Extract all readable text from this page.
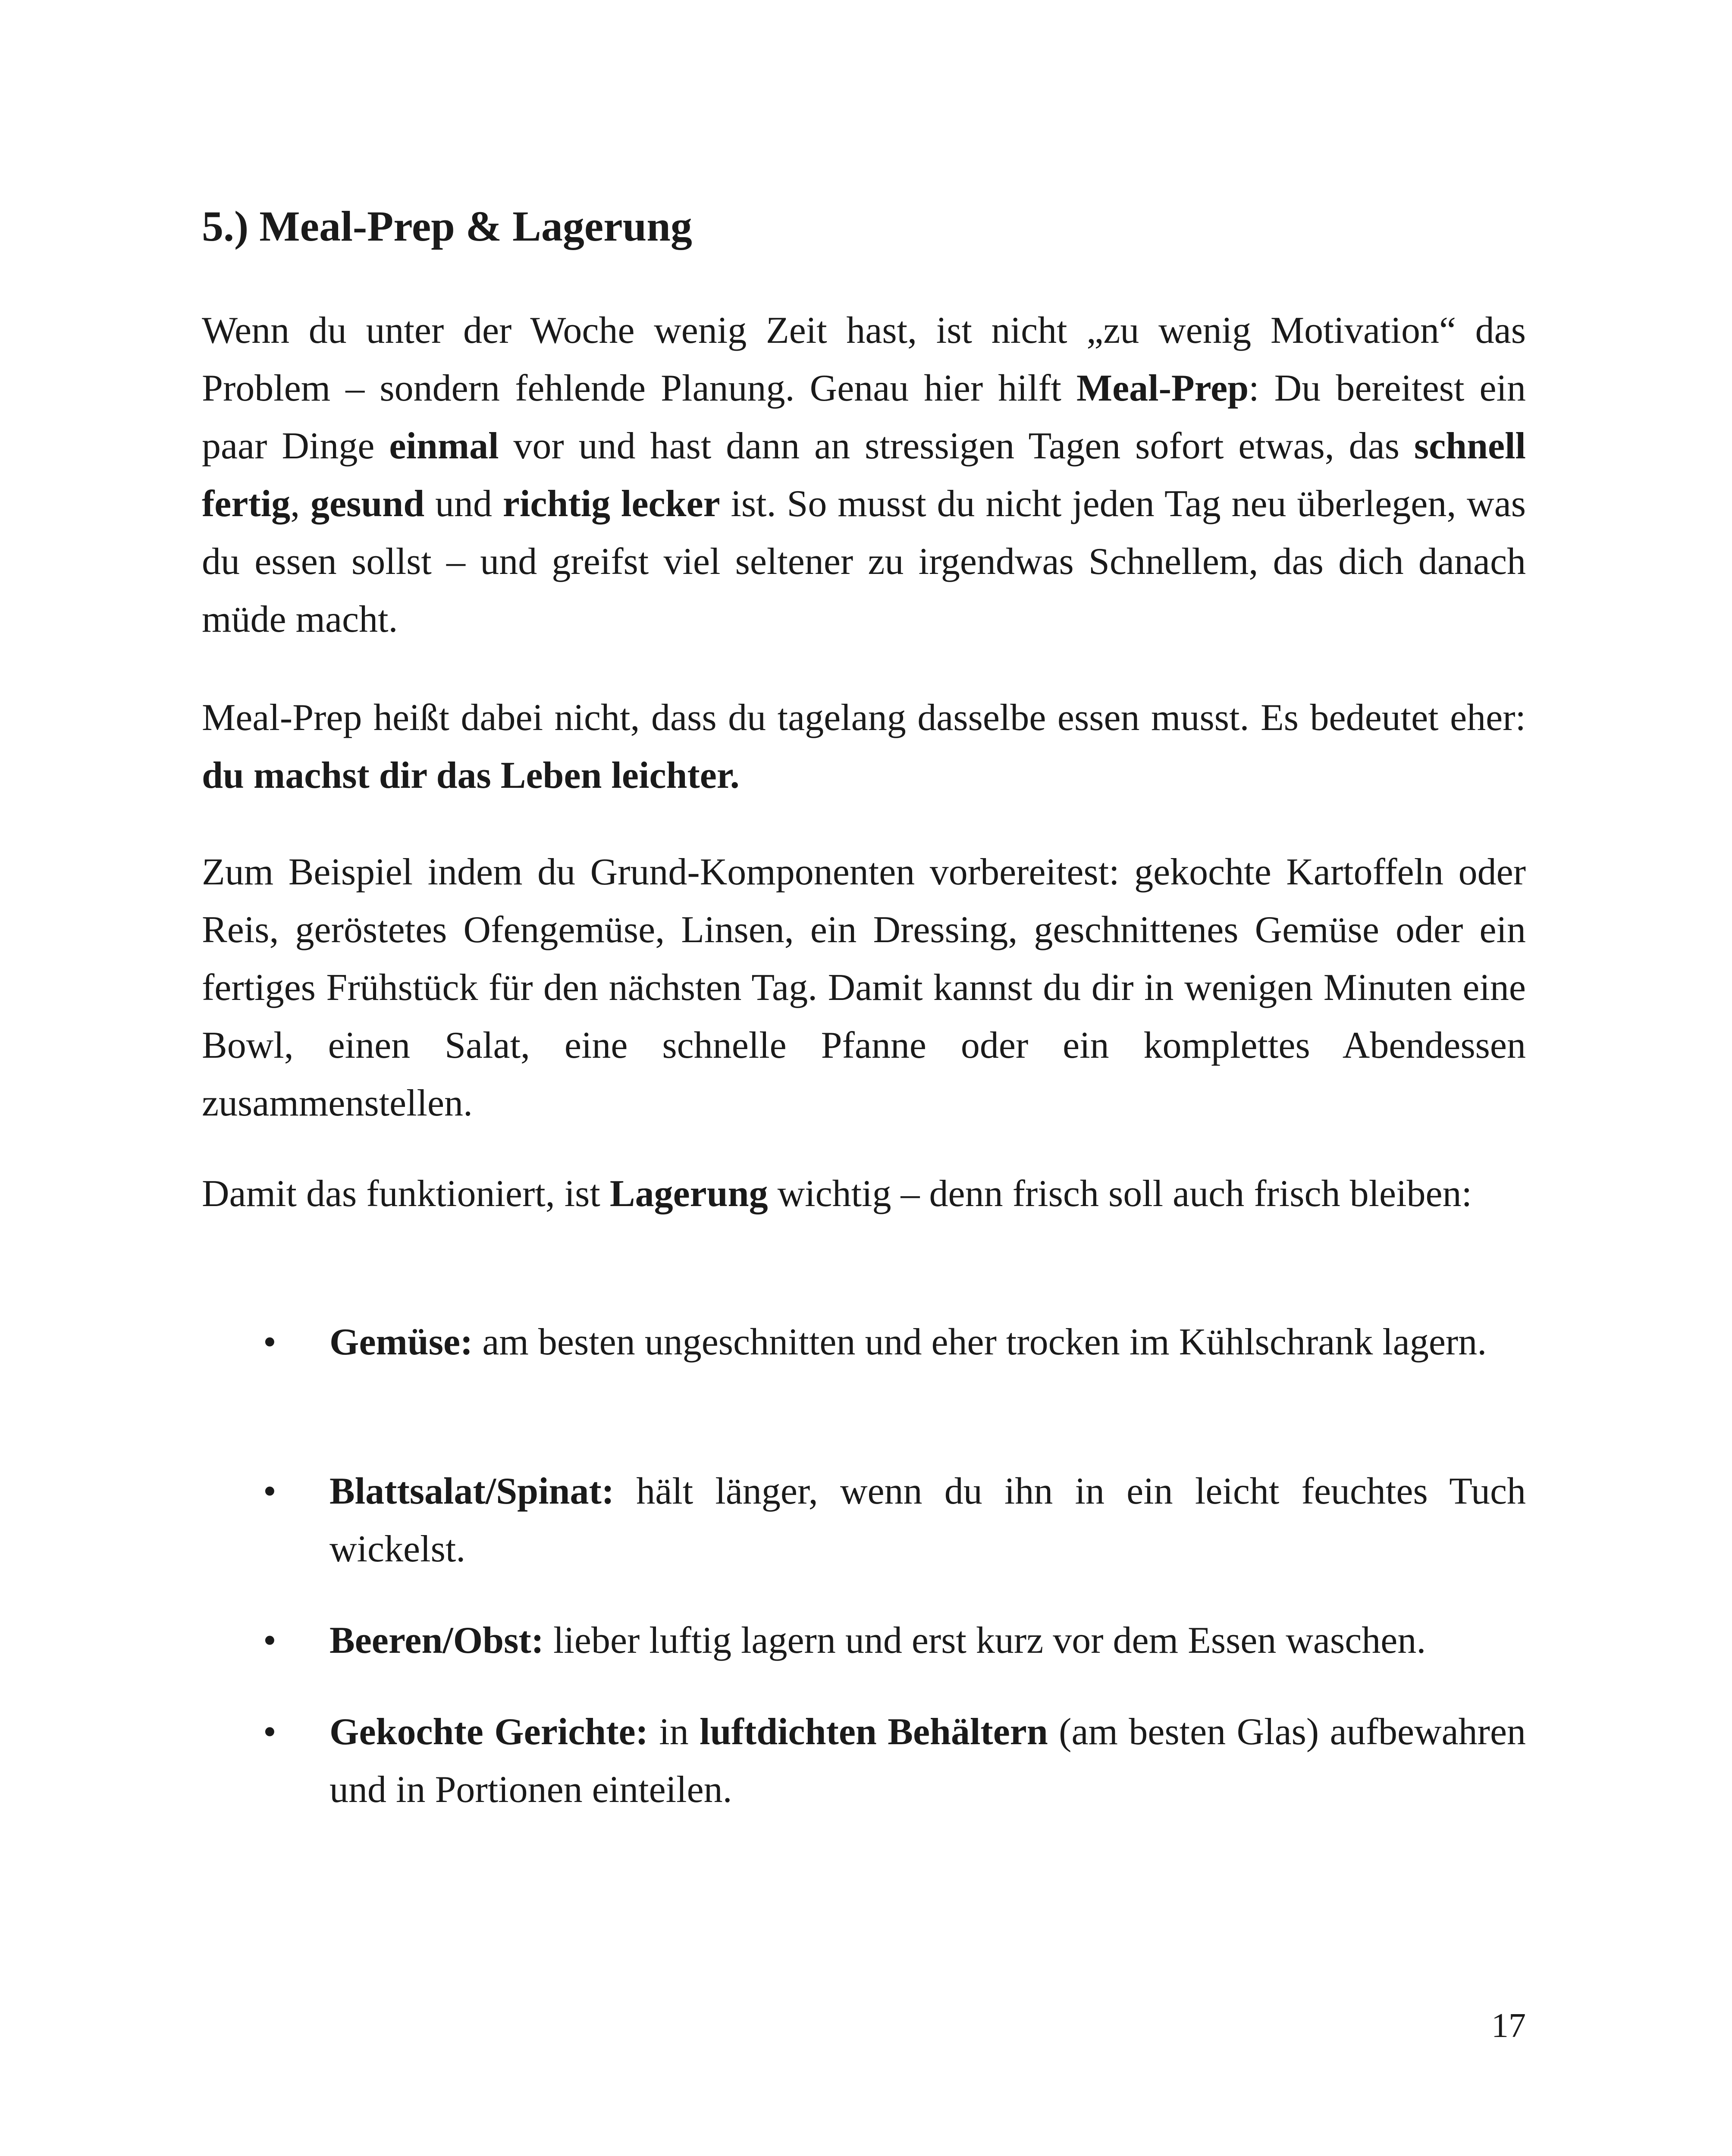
5.) Meal-Prep & Lagerung

Wenn du unter der Woche wenig Zeit hast, ist nicht „zu wenig Motivation“ das Problem – sondern fehlende Planung. Genau hier hilft Meal-Prep: Du bereitest ein paar Dinge einmal vor und hast dann an stressigen Tagen sofort etwas, das schnell fertig, gesund und richtig lecker ist. So musst du nicht jeden Tag neu überlegen, was du essen sollst – und greifst viel seltener zu irgendwas Schnellem, das dich danach müde macht.

Meal-Prep heißt dabei nicht, dass du tagelang dasselbe essen musst. Es bedeutet eher: du machst dir das Leben leichter.

Zum Beispiel indem du Grund-Komponenten vorbereitest: gekochte Kartoffeln oder Reis, geröstetes Ofengemüse, Linsen, ein Dressing, geschnittenes Gemüse oder ein fertiges Frühstück für den nächsten Tag. Damit kannst du dir in wenigen Minuten eine Bowl, einen Salat, eine schnelle Pfanne oder ein komplettes Abendessen zusammenstellen.

Damit das funktioniert, ist Lagerung wichtig – denn frisch soll auch frisch bleiben:

• Gemüse: am besten ungeschnitten und eher trocken im Kühlschrank lagern.

• Blattsalat/Spinat: hält länger, wenn du ihn in ein leicht feuchtes Tuch wickelst.

• Beeren/Obst: lieber luftig lagern und erst kurz vor dem Essen waschen.

• Gekochte Gerichte: in luftdichten Behältern (am besten Glas) aufbewahren und in Portionen einteilen.

17
